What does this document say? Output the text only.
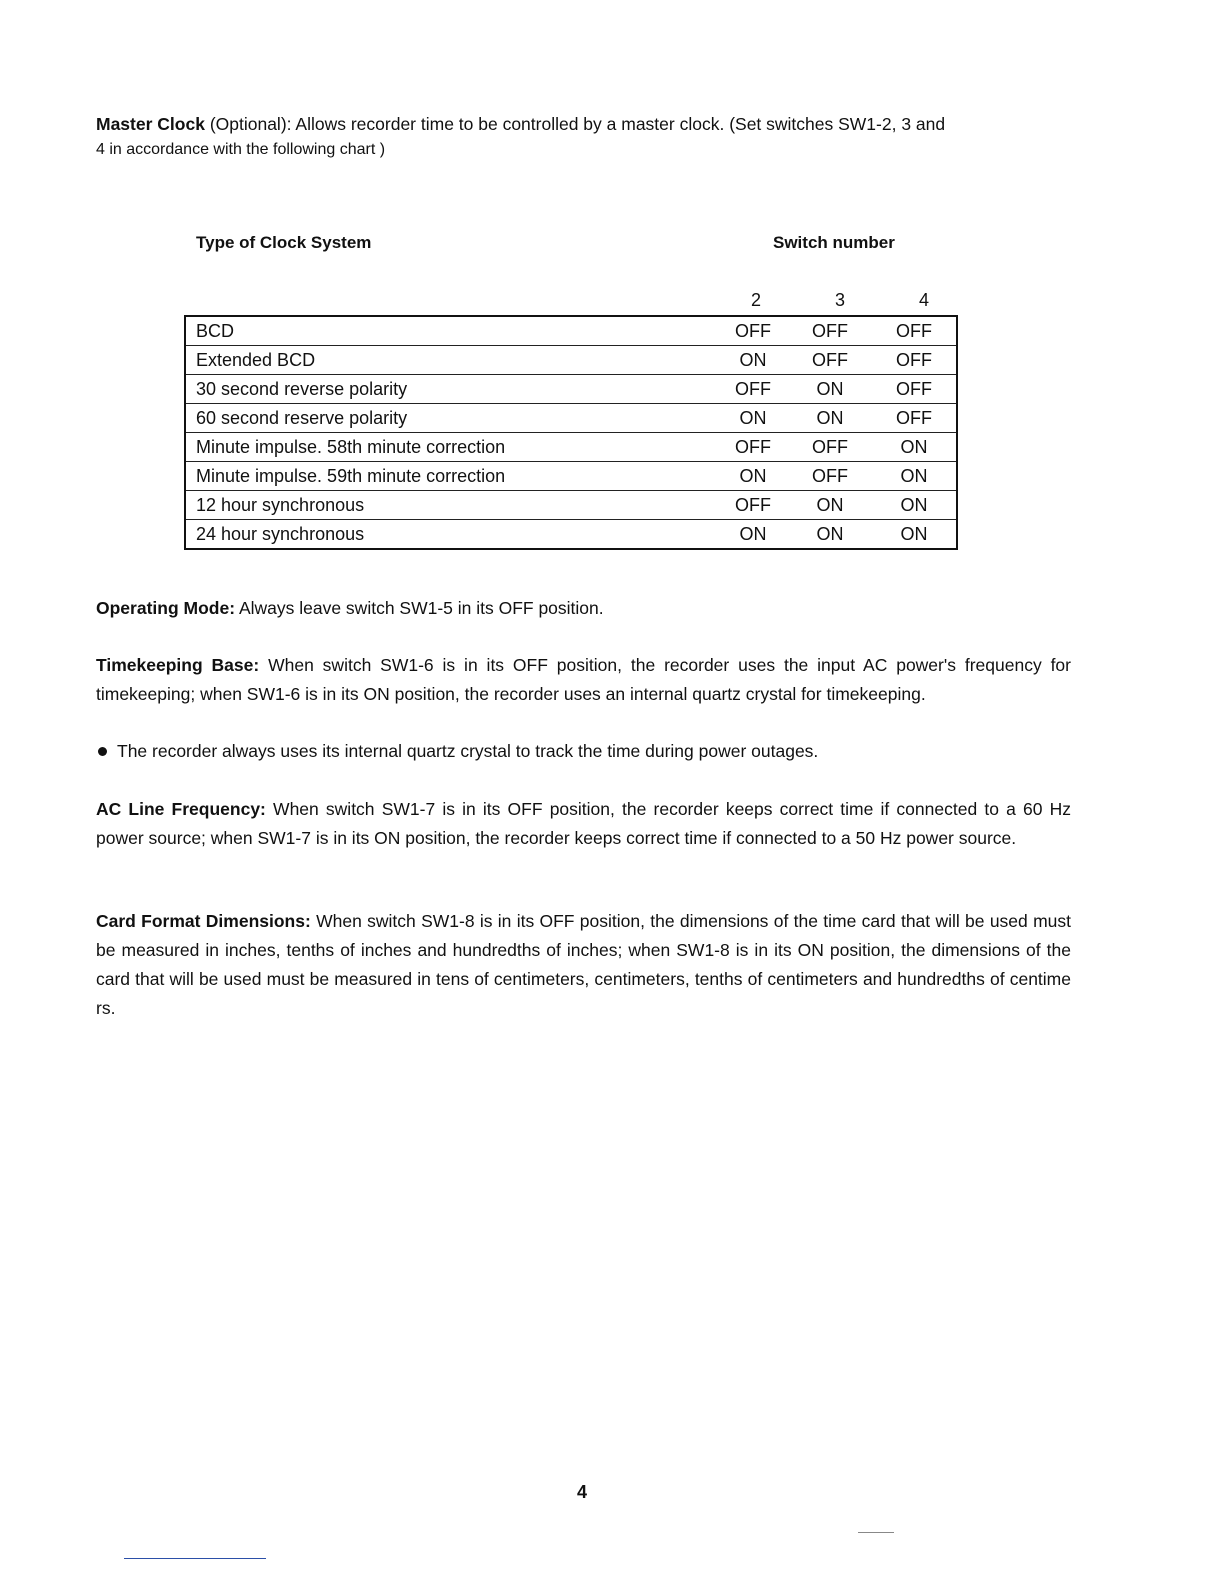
Master Clock (Optional): Allows recorder time to be controlled by a master clock. (Set switches SW1-2, 3 and
4 in accordance with the following chart )
Type of Clock System	Switch number
2	3	4
BCD	OFF	OFF	OFF
Extended BCD	ON	OFF	OFF
30 second reverse polarity	OFF	ON	OFF
60 second reserve polarity	ON	ON	OFF
Minute impulse. 58th minute correction	OFF	OFF	ON
Minute impulse. 59th minute correction	ON	OFF	ON
12 hour synchronous	OFF	ON	ON
24 hour synchronous	ON	ON	ON
Operating Mode: Always leave switch SW1-5 in its OFF position.
Timekeeping Base: When switch SW1-6 is in its OFF position, the recorder uses the input AC power's frequency for timekeeping; when SW1-6 is in its ON position, the recorder uses an internal quartz crystal for timekeeping.
The recorder always uses its internal quartz crystal to track the time during power outages.
AC Line Frequency: When switch SW1-7 is in its OFF position, the recorder keeps correct time if connected to a 60 Hz power source; when SW1-7 is in its ON position, the recorder keeps correct time if connected to a 50 Hz power source.
Card Format Dimensions: When switch SW1-8 is in its OFF position, the dimensions of the time card that will be used must be measured in inches, tenths of inches and hundredths of inches; when SW1-8 is in its ON position, the dimensions of the card that will be used must be measured in tens of centimeters, centimeters, tenths of centimeters and hundredths of centime rs.
4
